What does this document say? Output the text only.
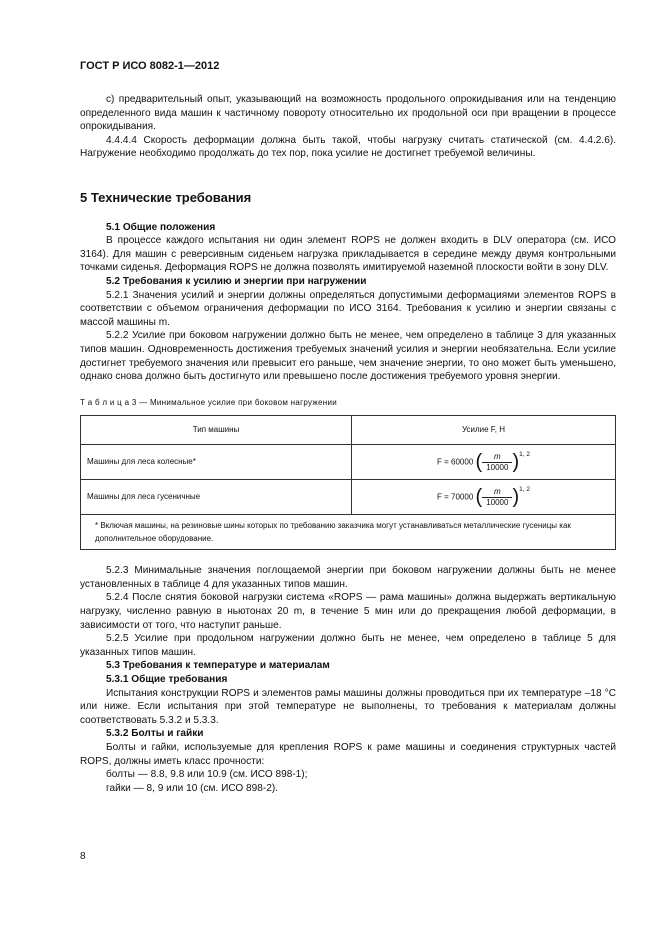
ГОСТ Р ИСО 8082-1—2012

с) предварительный опыт, указывающий на возможность продольного опрокидывания или на тенденцию определенного вида машин к частичному повороту относительно их продольной оси при вращении в процессе опрокидывания.

4.4.4.4 Скорость деформации должна быть такой, чтобы нагрузку считать статической (см. 4.4.2.6). Нагружение необходимо продолжать до тех пор, пока усилие не достигнет требуемой величины.

5 Технические требования

5.1 Общие положения

В процессе каждого испытания ни один элемент ROPS не должен входить в DLV оператора (см. ИСО 3164). Для машин с реверсивным сиденьем нагрузка прикладывается в середине между двумя контрольными точками сиденья. Деформация ROPS не должна позволять имитируемой наземной плоскости войти в зону DLV.

5.2 Требования к усилию и энергии при нагружении

5.2.1 Значения усилий и энергии должны определяться допустимыми деформациями элементов ROPS в соответствии с объемом ограничения деформации по ИСО 3164. Требования к усилию и энергии связаны с массой машины m.

5.2.2 Усилие при боковом нагружении должно быть не менее, чем определено в таблице 3 для указанных типов машин. Одновременность достижения требуемых значений усилия и энергии необязательна. Если усилие достигнет требуемого значения или превысит его раньше, чем значение энергии, то оно может быть уменьшено, однако снова должно быть достигнуто или превышено после достижения требуемого уровня энергии.

Т а б л и ц а 3 — Минимальное усилие при боковом нагружении
Тип машины	Усилие F, Н
Машины для леса колесные*	F = 60000 ( $\frac{m}{10000} )^{1, 2}$
Машины для леса гусеничные	F = 70000 ( $\frac{m}{10000} )^{1, 2}$
* Включая машины, на резиновые шины которых по требованию заказчика могут устанавливаться металлические гусеницы как дополнительное оборудование.	

5.2.3 Минимальные значения поглощаемой энергии при боковом нагружении должны быть не менее установленных в таблице 4 для указанных типов машин.

5.2.4 После снятия боковой нагрузки система «ROPS — рама машины» должна выдержать вертикальную нагрузку, численно равную в ньютонах 20 m, в течение 5 мин или до прекращения любой деформации, в зависимости от того, что наступит раньше.

5.2.5 Усилие при продольном нагружении должно быть не менее, чем определено в таблице 5 для указанных типов машин.

5.3 Требования к температуре и материалам

5.3.1 Общие требования

Испытания конструкции ROPS и элементов рамы машины должны проводиться при их температуре –18 °С или ниже. Если испытания при этой температуре не выполнены, то требования к материалам должны соответствовать 5.3.2 и 5.3.3.

5.3.2 Болты и гайки

Болты и гайки, используемые для крепления ROPS к раме машины и соединения структурных частей ROPS, должны иметь класс прочности:

болты — 8.8, 9.8 или 10.9 (см. ИСО 898-1);

гайки — 8, 9 или 10 (см. ИСО 898-2).

8
